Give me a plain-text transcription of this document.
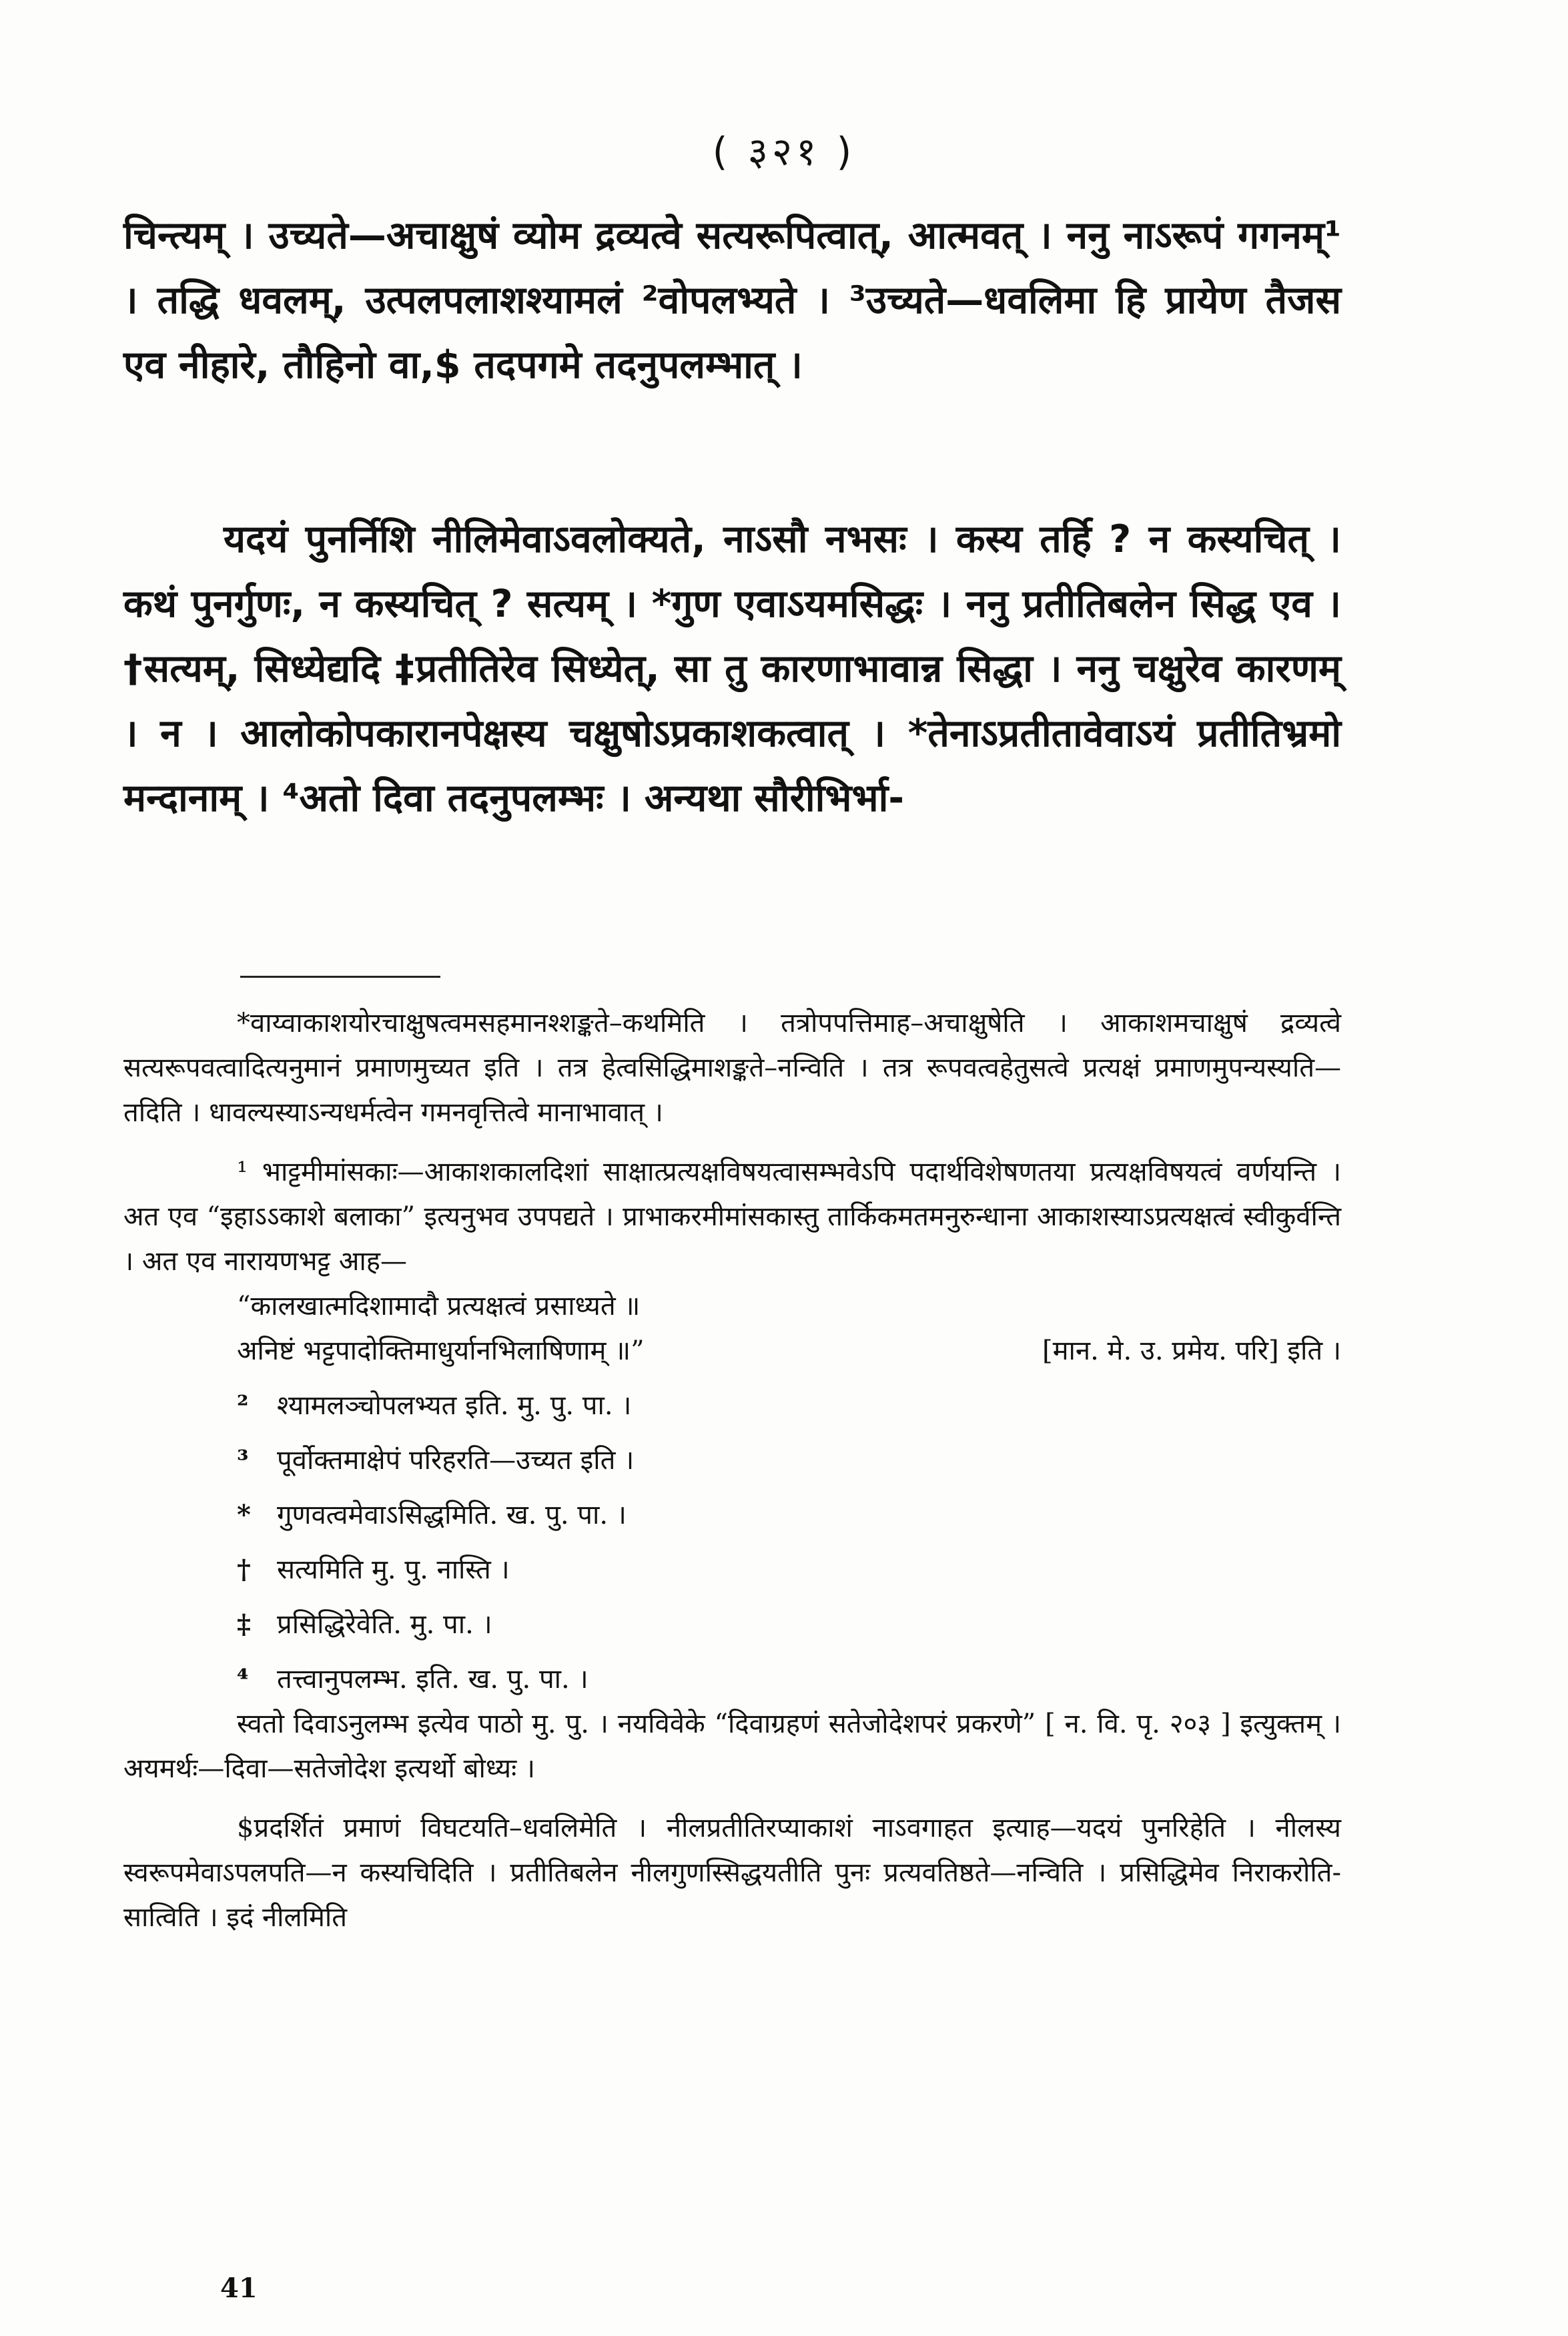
( ३२१ )

चिन्त्यम् । उच्यते—अचाक्षुषं व्योम द्रव्यत्वे सत्यरूपित्वात्, आत्मवत् । ननु नाऽरूपं गगनम्¹ । तद्धि धवलम्, उत्पलपलाशश्यामलं ²वोपलभ्यते । ³उच्यते—धवलिमा हि प्रायेण तैजस एव नीहारे, तौहिनो वा,$ तदपगमे तदनुपलम्भात् ।

यदयं पुनर्निशि नीलिमेवाऽवलोक्यते, नाऽसौ नभसः । कस्य तर्हि ? न कस्यचित् । कथं पुनर्गुणः, न कस्यचित् ? सत्यम् । *गुण एवाऽयमसिद्धः । ननु प्रतीतिबलेन सिद्ध एव । †सत्यम्, सिध्येद्यदि ‡प्रतीतिरेव सिध्येत्, सा तु कारणाभावान्न सिद्धा । ननु चक्षुरेव कारणम् । न । आलोकोपकारानपेक्षस्य चक्षुषोऽप्रकाशकत्वात् । *तेनाऽप्रतीतावेवाऽयं प्रतीतिभ्रमो मन्दानाम् । ⁴अतो दिवा तदनुपलम्भः । अन्यथा सौरीभिर्भा-

*वाय्वाकाशयोरचाक्षुषत्वमसहमानश्शङ्कते–कथमिति । तत्रोपपत्तिमाह–अचाक्षुषेति । आकाशमचाक्षुषं द्रव्यत्वे सत्यरूपवत्वादित्यनुमानं प्रमाणमुच्यत इति । तत्र हेत्वसिद्धिमाशङ्कते–नन्विति । तत्र रूपवत्वहेतुसत्वे प्रत्यक्षं प्रमाणमुपन्यस्यति—तदिति । धावल्यस्याऽन्यधर्मत्वेन गमनवृत्तित्वे मानाभावात् ।

¹ भाट्टमीमांसकाः—आकाशकालदिशां साक्षात्प्रत्यक्षविषयत्वासम्भवेऽपि पदार्थविशेषणतया प्रत्यक्षविषयत्वं वर्णयन्ति । अत एव “इहाऽऽकाशे बलाका” इत्यनुभव उपपद्यते । प्राभाकरमीमांसकास्तु तार्किकमतमनुरुन्धाना आकाशस्याऽप्रत्यक्षत्वं स्वीकुर्वन्ति । अत एव नारायणभट्ट आह—

“कालखात्मदिशामादौ प्रत्यक्षत्वं प्रसाध्यते ॥

अनिष्टं भट्टपादोक्तिमाधुर्यानभिलाषिणाम् ॥”	[मान. मे. उ. प्रमेय. परि] इति ।

² श्यामलञ्चोपलभ्यत इति. मु. पु. पा. ।

³ पूर्वोक्तमाक्षेपं परिहरति—उच्यत इति ।

* गुणवत्वमेवाऽसिद्धमिति. ख. पु. पा. ।

† सत्यमिति मु. पु. नास्ति ।

‡ प्रसिद्धिरेवेति. मु. पा. ।

⁴ तत्त्वानुपलम्भ. इति. ख. पु. पा. ।

स्वतो दिवाऽनुलम्भ इत्येव पाठो मु. पु. । नयविवेके “दिवाग्रहणं सतेजोदेशपरं प्रकरणे” [ न. वि. पृ. २०३ ] इत्युक्तम् । अयमर्थः—दिवा—सतेजोदेश इत्यर्थो बोध्यः ।

$प्रदर्शितं प्रमाणं विघटयति–धवलिमेति । नीलप्रतीतिरप्याकाशं नाऽवगाहत इत्याह—यदयं पुनरिहेति । नीलस्य स्वरूपमेवाऽपलपति—न कस्यचिदिति । प्रतीतिबलेन नीलगुणस्सिद्धयतीति पुनः प्रत्यवतिष्ठते—नन्विति । प्रसिद्धिमेव निराकरोति-सात्विति । इदं नीलमिति

41
